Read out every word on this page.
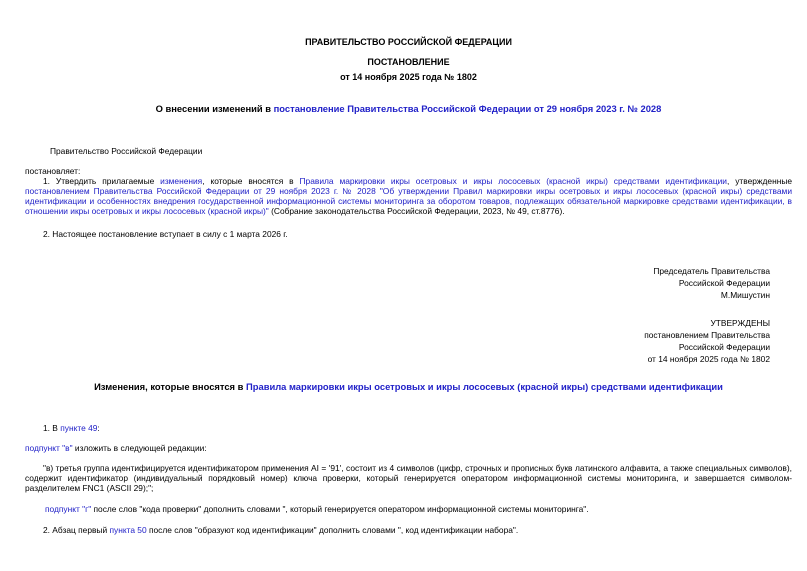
ПРАВИТЕЛЬСТВО РОССИЙСКОЙ ФЕДЕРАЦИИ
ПОСТАНОВЛЕНИЕ
от 14 ноября 2025 года № 1802
О внесении изменений в постановление Правительства Российской Федерации от 29 ноября 2023 г. № 2028
Правительство Российской Федерации
постановляет:
1. Утвердить прилагаемые изменения, которые вносятся в Правила маркировки икры осетровых и икры лососевых (красной икры) средствами идентификации, утвержденные постановлением Правительства Российской Федерации от 29 ноября 2023 г. № 2028 "Об утверждении Правил маркировки икры осетровых и икры лососевых (красной икры) средствами идентификации и особенностях внедрения государственной информационной системы мониторинга за оборотом товаров, подлежащих обязательной маркировке средствами идентификации, в отношении икры осетровых и икры лососевых (красной икры)" (Собрание законодательства Российской Федерации, 2023, № 49, ст.8776).
2. Настоящее постановление вступает в силу с 1 марта 2026 г.
Председатель Правительства
Российской Федерации
М.Мишустин
УТВЕРЖДЕНЫ
постановлением Правительства
Российской Федерации
от 14 ноября 2025 года № 1802
Изменения, которые вносятся в Правила маркировки икры осетровых и икры лососевых (красной икры) средствами идентификации
1. В пункте 49:
подпункт "в" изложить в следующей редакции:
"в) третья группа идентифицируется идентификатором применения AI = '91', состоит из 4 символов (цифр, строчных и прописных букв латинского алфавита, а также специальных символов), содержит идентификатор (индивидуальный порядковый номер) ключа проверки, который генерируется оператором информационной системы мониторинга, и завершается символом-разделителем FNC1 (ASCII 29);";
подпункт "г" после слов "кода проверки" дополнить словами ", который генерируется оператором информационной системы мониторинга".
2. Абзац первый пункта 50 после слов "образуют код идентификации" дополнить словами ", код идентификации набора".
